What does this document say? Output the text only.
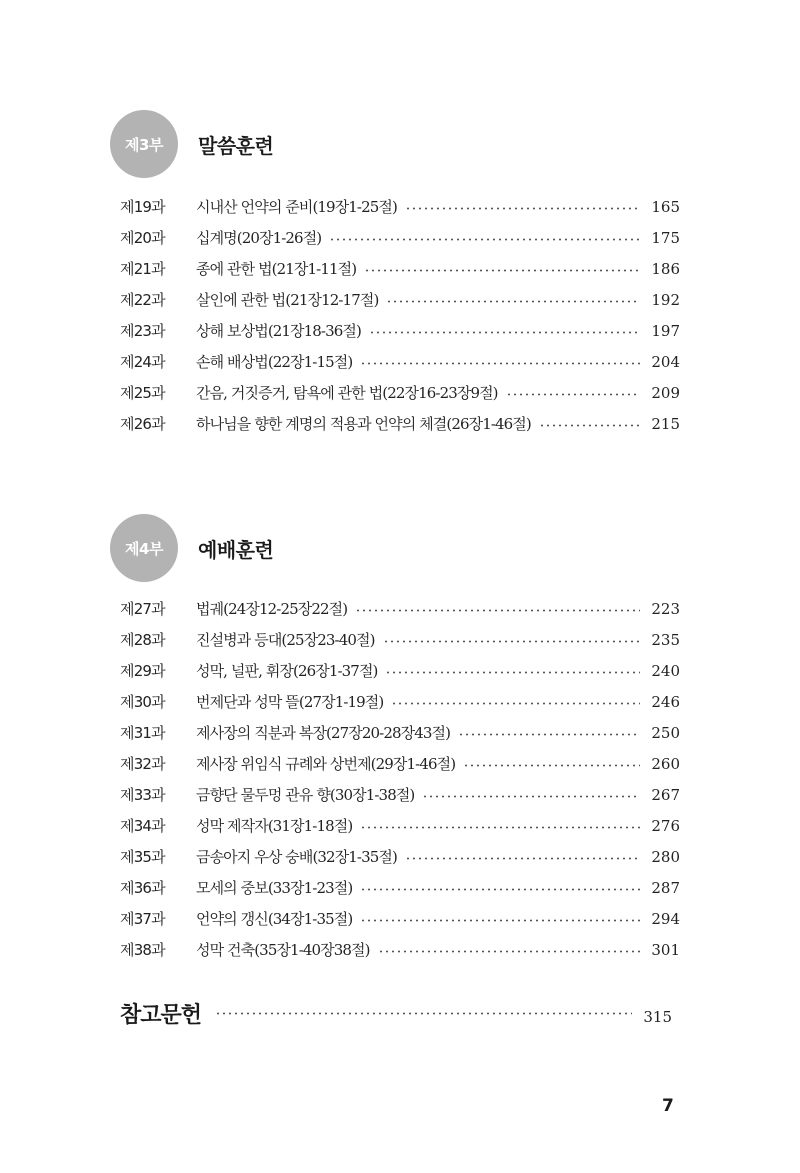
제3부	말씀훈련
제19과	시내산 언약의 준비(19장1-25절)	165
제20과	십계명(20장1-26절)	175
제21과	종에 관한 법(21장1-11절)	186
제22과	살인에 관한 법(21장12-17절)	192
제23과	상해 보상법(21장18-36절)	197
제24과	손해 배상법(22장1-15절)	204
제25과	간음, 거짓증거, 탐욕에 관한 법(22장16-23장9절)	209
제26과	하나님을 향한 계명의 적용과 언약의 체결(26장1-46절)	215
제4부	예배훈련
제27과	법궤(24장12-25장22절)	223
제28과	진설병과 등대(25장23-40절)	235
제29과	성막, 널판, 휘장(26장1-37절)	240
제30과	번제단과 성막 뜰(27장1-19절)	246
제31과	제사장의 직분과 복장(27장20-28장43절)	250
제32과	제사장 위임식 규례와 상번제(29장1-46절)	260
제33과	금향단 물두멍 관유 향(30장1-38절)	267
제34과	성막 제작자(31장1-18절)	276
제35과	금송아지 우상 숭배(32장1-35절)	280
제36과	모세의 중보(33장1-23절)	287
제37과	언약의 갱신(34장1-35절)	294
제38과	성막 건축(35장1-40장38절)	301
참고문헌	315
7
